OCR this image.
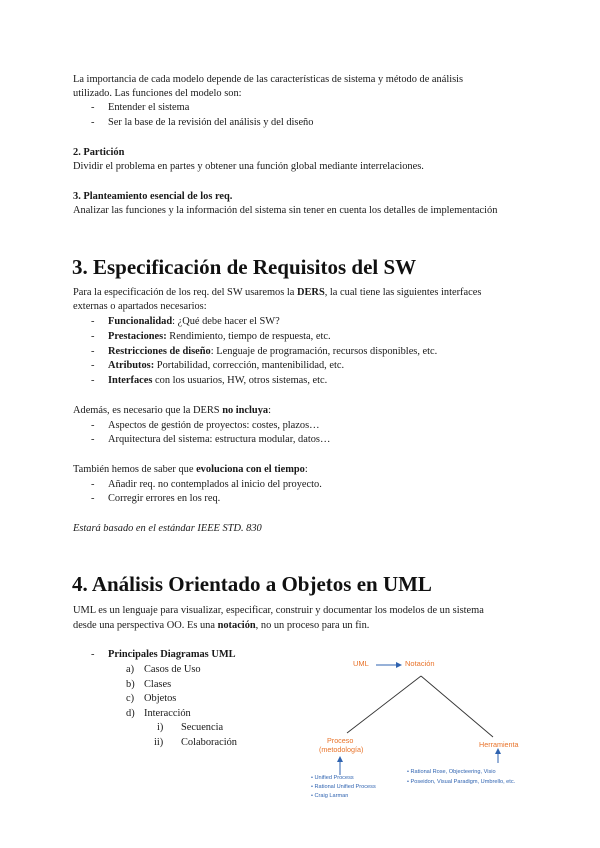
La importancia de cada modelo depende de las características de sistema y método de análisis
utilizado. Las funciones del modelo son:
- Entender el sistema
- Ser la base de la revisión del análisis y del diseño
2. Partición
Dividir el problema en partes y obtener una función global mediante interrelaciones.
3. Planteamiento esencial de los req.
Analizar las funciones y la información del sistema sin tener en cuenta los detalles de implementación
3. Especificación de Requisitos del SW
Para la especificación de los req. del SW usaremos la DERS, la cual tiene las siguientes interfaces
externas o apartados necesarios:
- Funcionalidad: ¿Qué debe hacer el SW?
- Prestaciones: Rendimiento, tiempo de respuesta, etc.
- Restricciones de diseño: Lenguaje de programación, recursos disponibles, etc.
- Atributos: Portabilidad, corrección, mantenibilidad, etc.
- Interfaces con los usuarios, HW, otros sistemas, etc.
Además, es necesario que la DERS no incluya:
- Aspectos de gestión de proyectos: costes, plazos…
- Arquitectura del sistema: estructura modular, datos…
También hemos de saber que evoluciona con el tiempo:
- Añadir req. no contemplados al inicio del proyecto.
- Corregir errores en los req.
Estará basado en el estándar IEEE STD. 830
4. Análisis Orientado a Objetos en UML
UML es un lenguaje para visualizar, especificar, construir y documentar los modelos de un sistema
desde una perspectiva OO. Es una notación, no un proceso para un fin.
- Principales Diagramas UML
a) Casos de Uso
b) Clases
c) Objetos
d) Interacción
i) Secuencia
ii) Colaboración
UML	Notación
Proceso
(metodología)
Herramienta
• Unified Process
• Rational Unified Process
• Craig Larman
• Rational Rose, Objecteering, Visio
• Poseidon, Visual Paradigm, Umbrello, etc.
